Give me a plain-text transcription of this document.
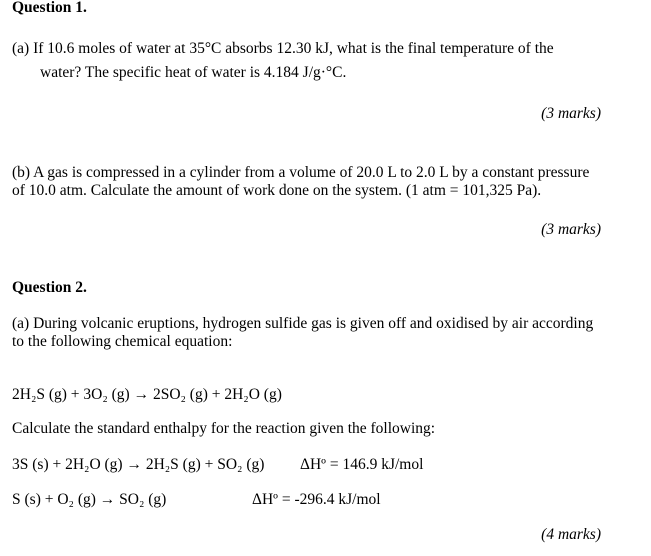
Question 1.
(a) If 10.6 moles of water at 35°C absorbs 12.30 kJ, what is the final temperature of the
water? The specific heat of water is 4.184 J/g·°C.
(3 marks)
(b) A gas is compressed in a cylinder from a volume of 20.0 L to 2.0 L by a constant pressure
of 10.0 atm. Calculate the amount of work done on the system. (1 atm = 101,325 Pa).
(3 marks)
Question 2.
(a) During volcanic eruptions, hydrogen sulfide gas is given off and oxidised by air according
to the following chemical equation:
2H₂S (g) + 3O₂ (g) → 2SO₂ (g) + 2H₂O (g)
Calculate the standard enthalpy for the reaction given the following:
3S (s) + 2H₂O (g) → 2H₂S (g) + SO₂ (g) ΔHº = 146.9 kJ/mol
S (s) + O₂ (g) → SO₂ (g)	ΔHº = -296.4 kJ/mol
(4 marks)
